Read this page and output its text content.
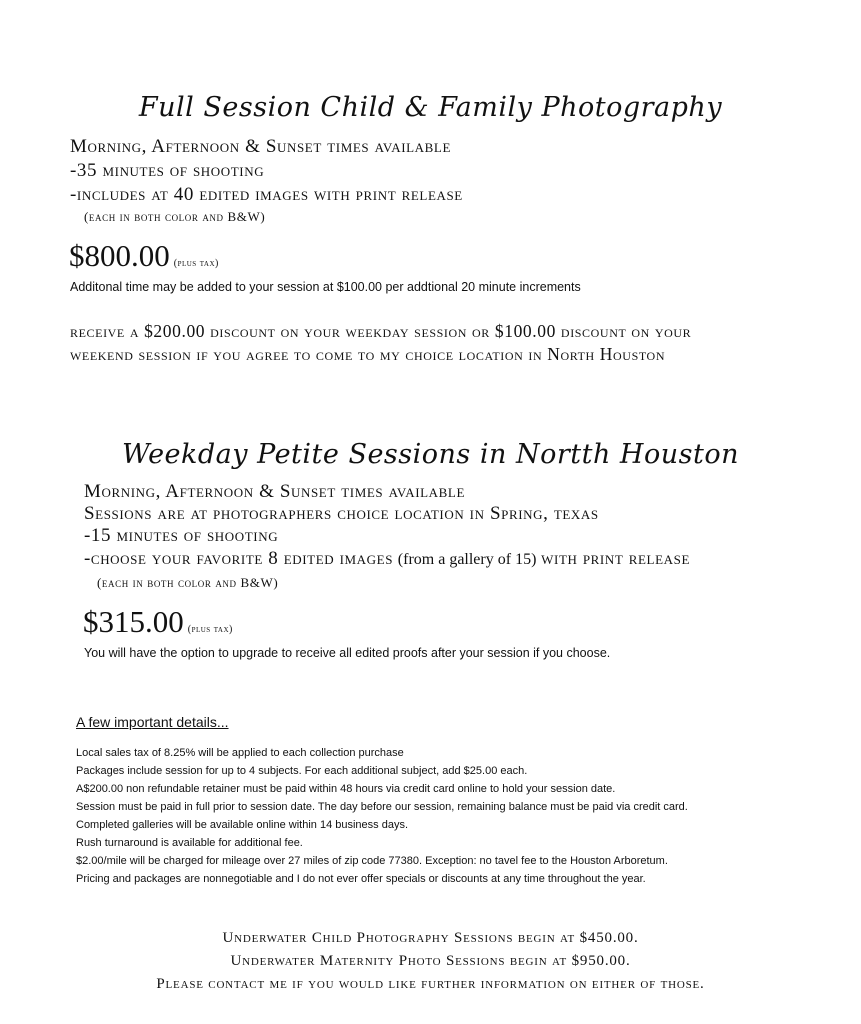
Full Session Child & Family Photography

Morning, Afternoon & Sunset times available

-35 minutes of shooting

-includes at 40 edited images with print release

(each in both color and B&W)

$800.00 (plus tax)

Additonal time may be added to your session at $100.00 per addtional 20 minute increments

receive a $200.00 discount on your weekday session or $100.00 discount on your

weekend session if you agree to come to my choice location in North Houston

Weekday Petite Sessions in Nortth Houston

Morning, Afternoon & Sunset times available

Sessions are at photographers choice location in Spring, texas

-15 minutes of shooting

-choose your favorite 8 edited images (from a gallery of 15) with print release

(each in both color and B&W)

$315.00 (plus tax)

You will have the option to upgrade to receive all edited proofs after your session if you choose.

A few important details...
Local sales tax of 8.25% will be applied to each collection purchase
Packages include session for up to 4 subjects. For each additional subject, add $25.00 each.
A$200.00 non refundable retainer must be paid within 48 hours via credit card online to hold your session date.
Session must be paid in full prior to session date. The day before our session, remaining balance must be paid via credit card.
Completed galleries will be available online within 14 business days.
Rush turnaround is available for additional fee.
$2.00/mile will be charged for mileage over 27 miles of zip code 77380. Exception: no tavel fee to the Houston Arboretum.
Pricing and packages are nonnegotiable and I do not ever offer specials or discounts at any time throughout the year.

Underwater Child Photography Sessions begin at $450.00.

Underwater Maternity Photo Sessions begin at $950.00.

Please contact me if you would like further information on either of those.
